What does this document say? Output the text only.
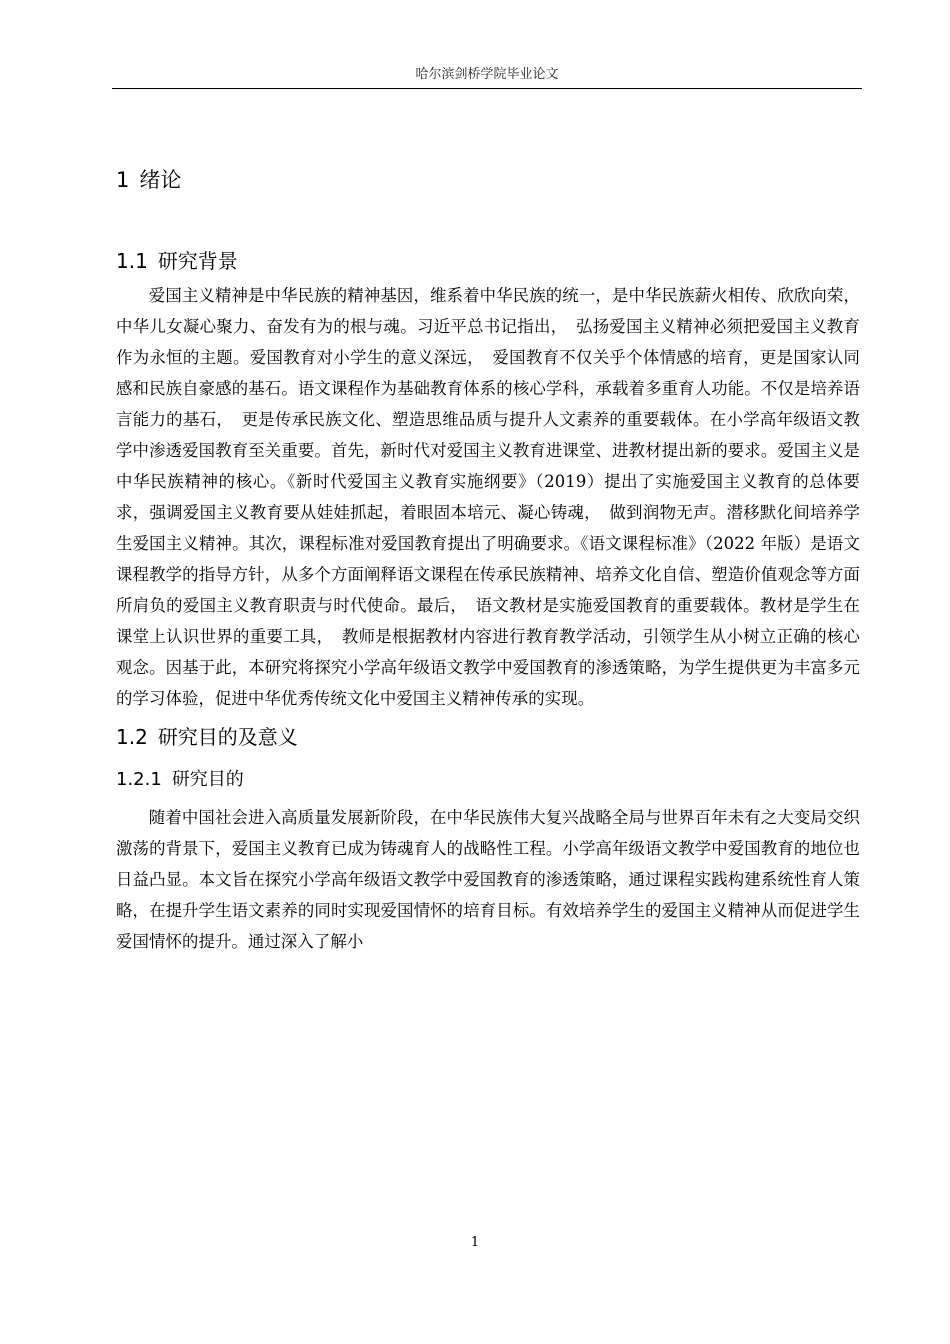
哈尔滨剑桥学院毕业论文
1 绪论
1.1 研究背景

爱国主义精神是中华民族的精神基因，维系着中华民族的统一，是中华民族薪火相传、欣欣向荣，中华儿女凝心聚力、奋发有为的根与魂。习近平总书记指出，　弘扬爱国主义精神必须把爱国主义教育作为永恒的主题。爱国教育对小学生的意义深远，　爱国教育不仅关乎个体情感的培育，更是国家认同感和民族自豪感的基石。语文课程作为基础教育体系的核心学科，承载着多重育人功能。不仅是培养语言能力的基石，　更是传承民族文化、塑造思维品质与提升人文素养的重要载体。在小学高年级语文教学中渗透爱国教育至关重要。首先，新时代对爱国主义教育进课堂、进教材提出新的要求。爱国主义是中华民族精神的核心。《新时代爱国主义教育实施纲要》（2019）提出了实施爱国主义教育的总体要求，强调爱国主义教育要从娃娃抓起，着眼固本培元、凝心铸魂，　做到润物无声。潜移默化间培养学生爱国主义精神。其次，课程标准对爱国教育提出了明确要求。《语文课程标准》（2022 年版）是语文课程教学的指导方针，从多个方面阐释语文课程在传承民族精神、培养文化自信、塑造价值观念等方面所肩负的爱国主义教育职责与时代使命。最后，　语文教材是实施爱国教育的重要载体。教材是学生在课堂上认识世界的重要工具，　教师是根据教材内容进行教育教学活动，引领学生从小树立正确的核心观念。因基于此，本研究将探究小学高年级语文教学中爱国教育的渗透策略，为学生提供更为丰富多元的学习体验，促进中华优秀传统文化中爱国主义精神传承的实现。

1.2 研究目的及意义
1.2.1 研究目的

随着中国社会进入高质量发展新阶段，在中华民族伟大复兴战略全局与世界百年未有之大变局交织激荡的背景下，爱国主义教育已成为铸魂育人的战略性工程。小学高年级语文教学中爱国教育的地位也日益凸显。本文旨在探究小学高年级语文教学中爱国教育的渗透策略，通过课程实践构建系统性育人策略，在提升学生语文素养的同时实现爱国情怀的培育目标。有效培养学生的爱国主义精神从而促进学生爱国情怀的提升。通过深入了解小

1
